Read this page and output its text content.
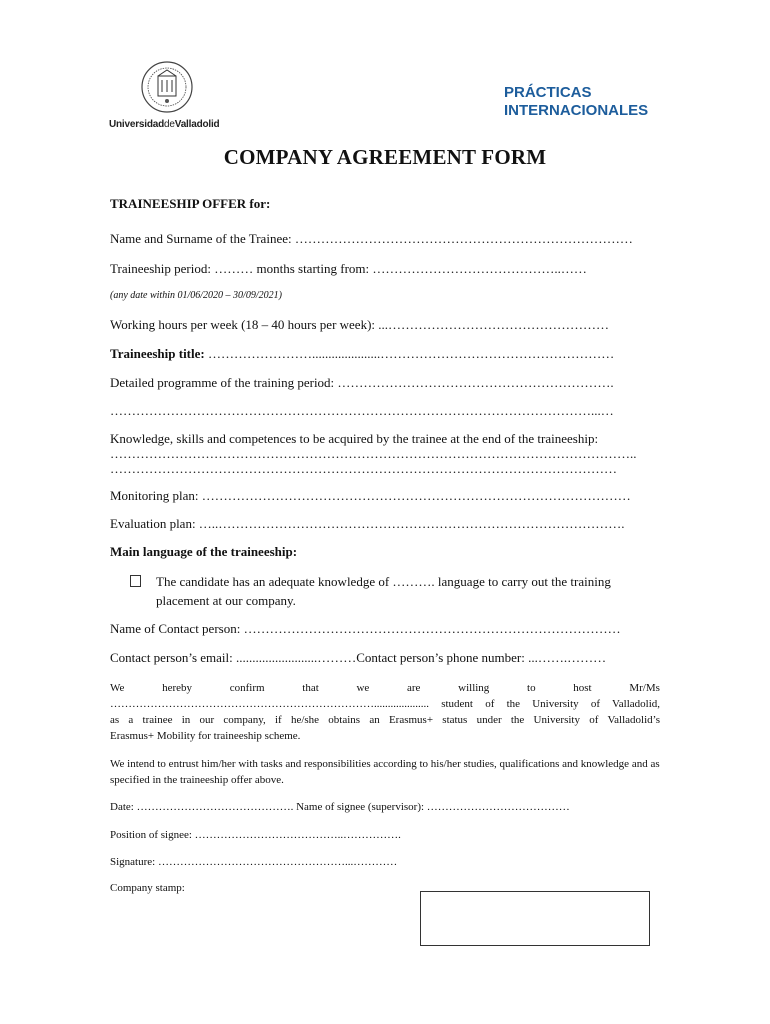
UniversidaddeValladolid
PRÁCTICAS
INTERNACIONALES
COMPANY AGREEMENT FORM
TRAINEESHIP OFFER for:
Name and Surname of the Trainee: ……………………………………………………………………
Traineeship period: ……… months starting from: ……………………………………..……
(any date within 01/06/2020 – 30/09/2021)
Working hours per week (18 – 40 hours per week): ...……………………………………………
Traineeship title: …………………….....................………………………………………………
Detailed programme of the training period: ……………………………………………………….
…………………………………………………………………………………………………...…
Knowledge, skills and competences to be acquired by the trainee at the end of the traineeship:
…………………………………………………………………………………………………………..
………………………………………………………………………………………………………
Monitoring plan: ………………………………………………………………………………………
Evaluation plan: …..………………………………………………………………………………….
Main language of the traineeship:
The candidate has an adequate knowledge of ………. language to carry out the training placement at our company.
Name of Contact person: ……………………………………………………………………………
Contact person’s email: .........................………Contact person’s phone number: ...…….………
We	hereby	confirm	that	we	are	willing	to	host	Mr/Ms
……………………………………………………………….................... student of the University of Valladolid,
as a trainee in our company, if he/she obtains an Erasmus+ status under the University of Valladolid’s
Erasmus+ Mobility for traineeship scheme.
We intend to entrust him/her with tasks and responsibilities according to his/her studies, qualifications and knowledge and as specified in the traineeship offer above.
Date: ……………………………………. Name of signee (supervisor): …………………………………
Position of signee: …………………………………..…………….
Signature: ……………………………………………...…………
Company stamp:
